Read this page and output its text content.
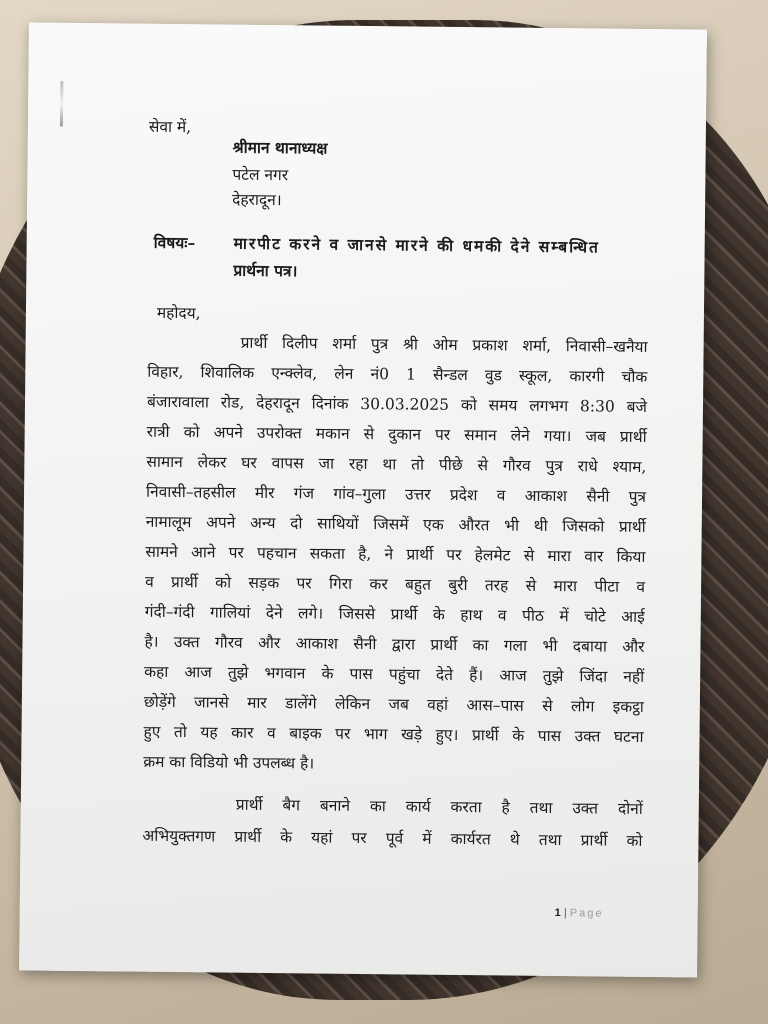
सेवा में,
श्रीमान थानाध्यक्ष
पटेल नगर
देहरादून।
विषयः– मारपीट करने व जानसे मारने की धमकी देने सम्बन्धित
प्रार्थना पत्र।
महोदय,
प्रार्थी दिलीप शर्मा पुत्र श्री ओम प्रकाश शर्मा, निवासी–खनैया
विहार, शिवालिक एन्क्लेव, लेन नं0 1 सैन्डल वुड स्कूल, कारगी चौक
बंजारावाला रोड, देहरादून दिनांक 30.03.2025 को समय लगभग 8:30 बजे
रात्री को अपने उपरोक्त मकान से दुकान पर समान लेने गया। जब प्रार्थी
सामान लेकर घर वापस जा रहा था तो पीछे से गौरव पुत्र राधे श्याम,
निवासी–तहसील मीर गंज गांव–गुला उत्तर प्रदेश व आकाश सैनी पुत्र
नामालूम अपने अन्य दो साथियों जिसमें एक औरत भी थी जिसको प्रार्थी
सामने आने पर पहचान सकता है, ने प्रार्थी पर हेलमेट से मारा वार किया
व प्रार्थी को सड़क पर गिरा कर बहुत बुरी तरह से मारा पीटा व
गंदी–गंदी गालियां देने लगे। जिससे प्रार्थी के हाथ व पीठ में चोटे आई
है। उक्त गौरव और आकाश सैनी द्वारा प्रार्थी का गला भी दबाया और
कहा आज तुझे भगवान के पास पहुंचा देते हैं। आज तुझे जिंदा नहीं
छोड़ेंगे जानसे मार डालेंगे लेकिन जब वहां आस–पास से लोग इकट्ठा
हुए तो यह कार व बाइक पर भाग खड़े हुए। प्रार्थी के पास उक्त घटना
क्रम का विडियो भी उपलब्ध है।
प्रार्थी बैग बनाने का कार्य करता है तथा उक्त दोनों
अभियुक्तगण प्रार्थी के यहां पर पूर्व में कार्यरत थे तथा प्रार्थी को
1 | Page
